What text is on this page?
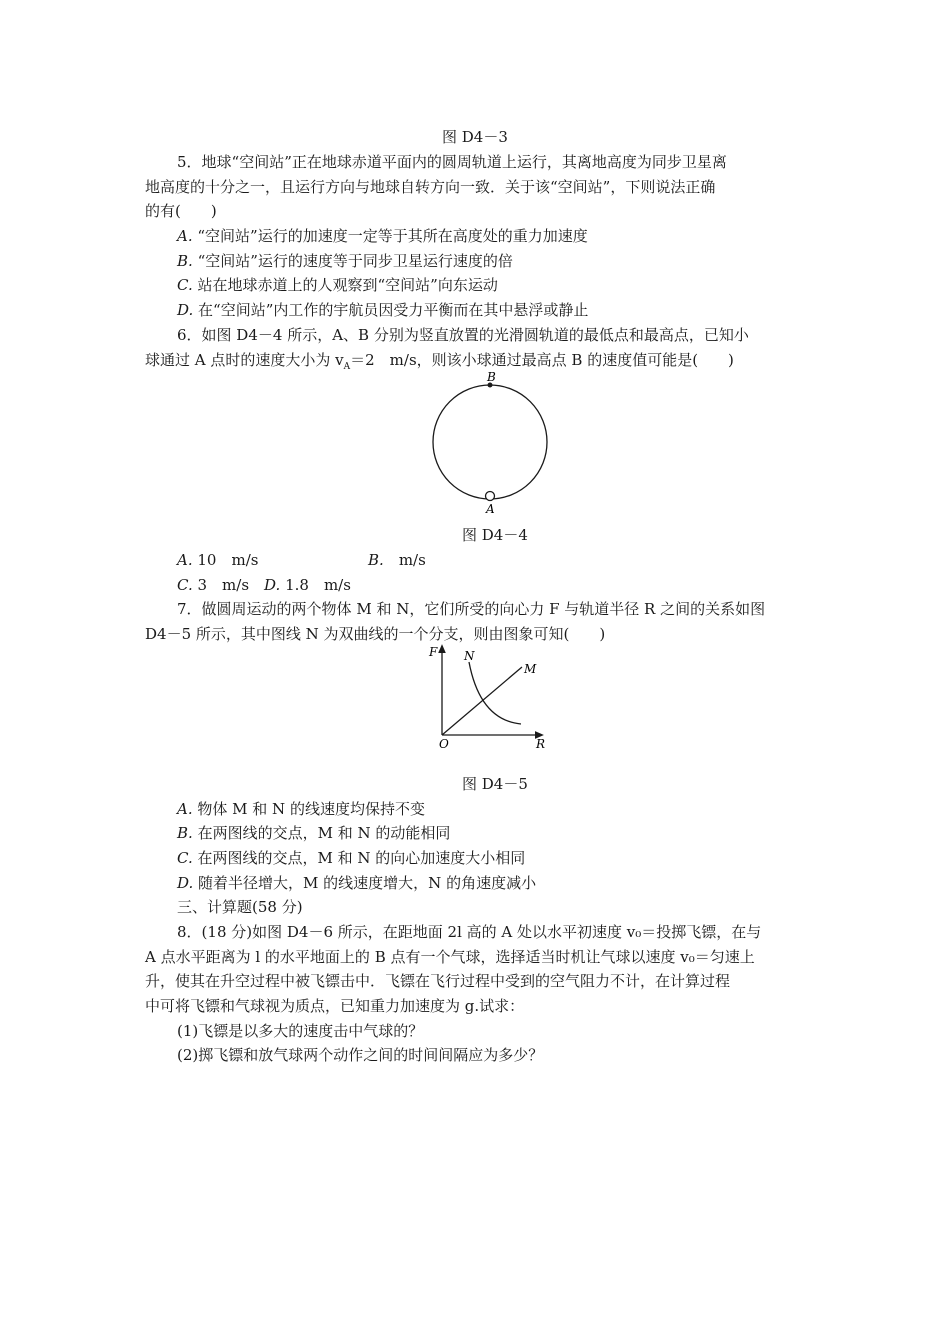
图 D4－3
5．地球“空间站”正在地球赤道平面内的圆周轨道上运行，其离地高度为同步卫星离
地高度的十分之一，且运行方向与地球自转方向一致．关于该“空间站”，下则说法正确
的有(　　)
A. “空间站”运行的加速度一定等于其所在高度处的重力加速度
B. “空间站”运行的速度等于同步卫星运行速度的倍
C. 站在地球赤道上的人观察到“空间站”向东运动
D. 在“空间站”内工作的宇航员因受力平衡而在其中悬浮或静止
6．如图 D4－4 所示，A、B 分别为竖直放置的光滑圆轨道的最低点和最高点，已知小
球通过 A 点时的速度大小为 $v_A=2$　m/s，则该小球通过最高点 B 的速度值可能是(　　)
B
A
图 D4－4
A. 10　m/s	B.　 m/s
C. 3　m/s　 D. 1.8　m/s
7．做圆周运动的两个物体 M 和 N，它们所受的向心力 F 与轨道半径 R 之间的关系如图
D4－5 所示，其中图线 N 为双曲线的一个分支，则由图象可知(　　)
F
R
O
N
M
图 D4－5
A. 物体 M 和 N 的线速度均保持不变
B. 在两图线的交点，M 和 N 的动能相同
C. 在两图线的交点，M 和 N 的向心加速度大小相同
D. 随着半径增大，M 的线速度增大，N 的角速度减小
三、计算题(58 分)
8．(18 分)如图 D4－6 所示，在距地面 2l 高的 A 处以水平初速度 v₀＝投掷飞镖，在与
A 点水平距离为 l 的水平地面上的 B 点有一个气球，选择适当时机让气球以速度 v₀＝匀速上
升，使其在升空过程中被飞镖击中．飞镖在飞行过程中受到的空气阻力不计，在计算过程
中可将飞镖和气球视为质点，已知重力加速度为 g.试求：
(1)飞镖是以多大的速度击中气球的？
(2)掷飞镖和放气球两个动作之间的时间间隔应为多少？
